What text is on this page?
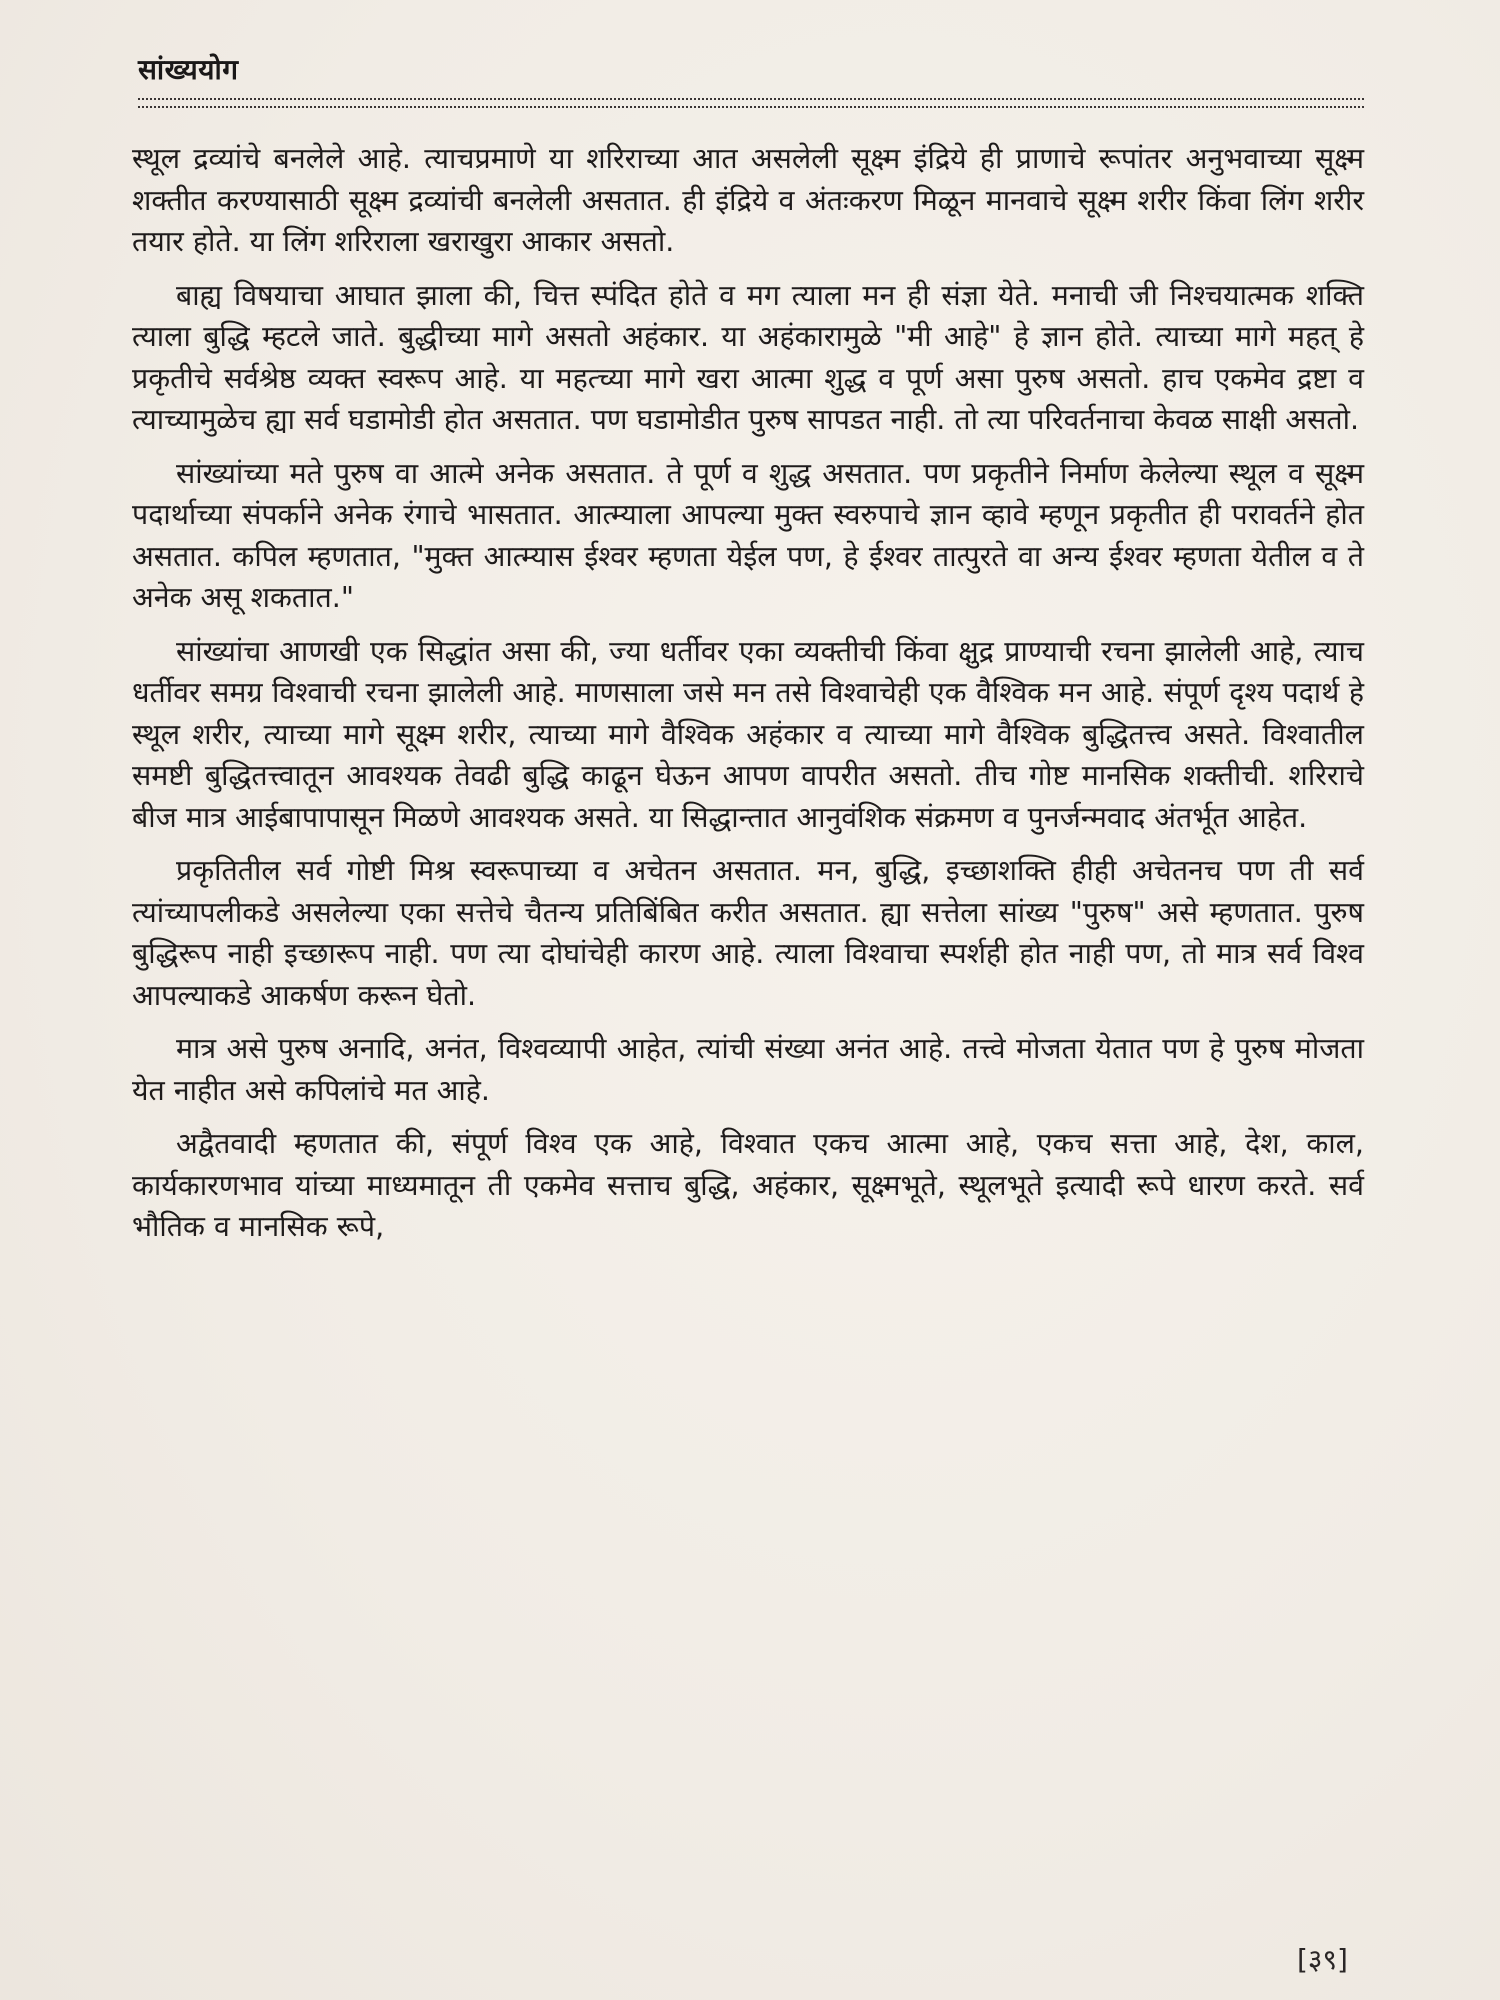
सांख्ययोग

स्थूल द्रव्यांचे बनलेले आहे. त्याचप्रमाणे या शरिराच्या आत असलेली सूक्ष्म इंद्रिये ही प्राणाचे रूपांतर अनुभवाच्या सूक्ष्म शक्तीत करण्यासाठी सूक्ष्म द्रव्यांची बनलेली असतात. ही इंद्रिये व अंतःकरण मिळून मानवाचे सूक्ष्म शरीर किंवा लिंग शरीर तयार होते. या लिंग शरिराला खराखुरा आकार असतो.

बाह्य विषयाचा आघात झाला की, चित्त स्पंदित होते व मग त्याला मन ही संज्ञा येते. मनाची जी निश्चयात्मक शक्ति त्याला बुद्धि म्हटले जाते. बुद्धीच्या मागे असतो अहंकार. या अहंकारामुळे "मी आहे" हे ज्ञान होते. त्याच्या मागे महत् हे प्रकृतीचे सर्वश्रेष्ठ व्यक्त स्वरूप आहे. या महत्च्या मागे खरा आत्मा शुद्ध व पूर्ण असा पुरुष असतो. हाच एकमेव द्रष्टा व त्याच्यामुळेच ह्या सर्व घडामोडी होत असतात. पण घडामोडीत पुरुष सापडत नाही. तो त्या परिवर्तनाचा केवळ साक्षी असतो.

सांख्यांच्या मते पुरुष वा आत्मे अनेक असतात. ते पूर्ण व शुद्ध असतात. पण प्रकृतीने निर्माण केलेल्या स्थूल व सूक्ष्म पदार्थाच्या संपर्काने अनेक रंगाचे भासतात. आत्म्याला आपल्या मुक्त स्वरुपाचे ज्ञान व्हावे म्हणून प्रकृतीत ही परावर्तने होत असतात. कपिल म्हणतात, "मुक्त आत्म्यास ईश्वर म्हणता येईल पण, हे ईश्वर तात्पुरते वा अन्य ईश्वर म्हणता येतील व ते अनेक असू शकतात."

सांख्यांचा आणखी एक सिद्धांत असा की, ज्या धर्तीवर एका व्यक्तीची किंवा क्षुद्र प्राण्याची रचना झालेली आहे, त्याच धर्तीवर समग्र विश्वाची रचना झालेली आहे. माणसाला जसे मन तसे विश्वाचेही एक वैश्विक मन आहे. संपूर्ण दृश्य पदार्थ हे स्थूल शरीर, त्याच्या मागे सूक्ष्म शरीर, त्याच्या मागे वैश्विक अहंकार व त्याच्या मागे वैश्विक बुद्धितत्त्व असते. विश्वातील समष्टी बुद्धितत्त्वातून आवश्यक तेवढी बुद्धि काढून घेऊन आपण वापरीत असतो. तीच गोष्ट मानसिक शक्तीची. शरिराचे बीज मात्र आईबापापासून मिळणे आवश्यक असते. या सिद्धान्तात आनुवंशिक संक्रमण व पुनर्जन्मवाद अंतर्भूत आहेत.

प्रकृतितील सर्व गोष्टी मिश्र स्वरूपाच्या व अचेतन असतात. मन, बुद्धि, इच्छाशक्ति हीही अचेतनच पण ती सर्व त्यांच्यापलीकडे असलेल्या एका सत्तेचे चैतन्य प्रतिबिंबित करीत असतात. ह्या सत्तेला सांख्य "पुरुष" असे म्हणतात. पुरुष बुद्धिरूप नाही इच्छारूप नाही. पण त्या दोघांचेही कारण आहे. त्याला विश्वाचा स्पर्शही होत नाही पण, तो मात्र सर्व विश्व आपल्याकडे आकर्षण करून घेतो.

मात्र असे पुरुष अनादि, अनंत, विश्वव्यापी आहेत, त्यांची संख्या अनंत आहे. तत्त्वे मोजता येतात पण हे पुरुष मोजता येत नाहीत असे कपिलांचे मत आहे.

अद्वैतवादी म्हणतात की, संपूर्ण विश्व एक आहे, विश्वात एकच आत्मा आहे, एकच सत्ता आहे, देश, काल, कार्यकारणभाव यांच्या माध्यमातून ती एकमेव सत्ताच बुद्धि, अहंकार, सूक्ष्मभूते, स्थूलभूते इत्यादी रूपे धारण करते. सर्व भौतिक व मानसिक रूपे,

[३९]
